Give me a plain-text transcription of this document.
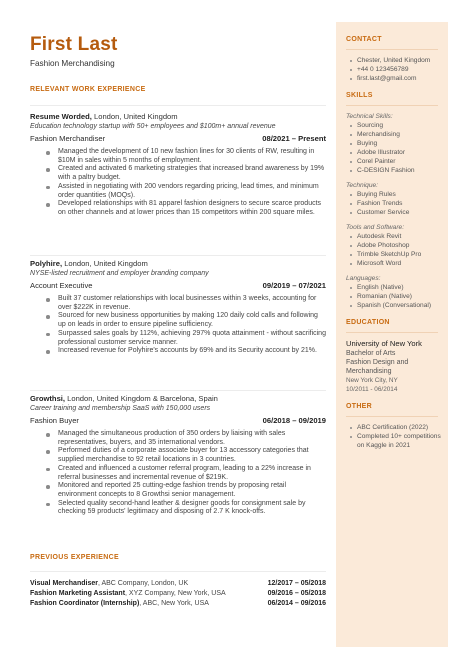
First Last
Fashion Merchandising
RELEVANT WORK EXPERIENCE
Resume Worded, London, United Kingdom
Education technology startup with 50+ employees and $100m+ annual revenue
Fashion Merchandiser	08/2021 – Present
Managed the development of 10 new fashion lines for 30 clients of RW, resulting in $10M in sales within 5 months of employment.
Created and activated 6 marketing strategies that increased brand awareness by 19% with a paltry budget.
Assisted in negotiating with 200 vendors regarding pricing, lead times, and minimum order quantities (MOQs).
Developed relationships with 81 apparel fashion designers to secure scarce products on other channels and at lower prices than 15 competitors within 200 square miles.
Polyhire, London, United Kingdom
NYSE-listed recruitment and employer branding company
Account Executive	09/2019 – 07/2021
Built 37 customer relationships with local businesses within 3 weeks, accounting for over $222K in revenue.
Sourced for new business opportunities by making 120 daily cold calls and following up on leads in order to ensure pipeline sufficiency.
Surpassed sales goals by 112%, achieving 297% quota attainment - without sacrificing professional customer service manner.
Increased revenue for Polyhire's accounts by 69% and its Security account by 21%.
Growthsi, London, United Kingdom & Barcelona, Spain
Career training and membership SaaS with 150,000 users
Fashion Buyer	06/2018 – 09/2019
Managed the simultaneous production of 350 orders by liaising with sales representatives, buyers, and 35 international vendors.
Performed duties of a corporate associate buyer for 13 accessory categories that supplied merchandise to 92 retail locations in 3 countries.
Created and influenced a customer referral program, leading to a 22% increase in referral businesses and incremental revenue of $219K.
Monitored and reported 25 cutting-edge fashion trends by proposing retail environment concepts to 8 Growthsi senior management.
Selected quality second-hand leather & designer goods for consignment sale by checking 59 products' legitimacy and disposing of 2.7 K knock-offs.
PREVIOUS EXPERIENCE
Visual Merchandiser, ABC Company, London, UK	12/2017 – 05/2018
Fashion Marketing Assistant, XYZ Company, New York, USA	09/2016 – 05/2018
Fashion Coordinator (Internship), ABC, New York, USA	06/2014 – 09/2016
CONTACT
Chester, United Kingdom
+44 0 123456789
first.last@gmail.com
SKILLS
Technical Skills:
Sourcing
Merchandising
Buying
Adobe Illustrator
Corel Painter
C-DESIGN Fashion
Technique:
Buying Rules
Fashion Trends
Customer Service
Tools and Software:
Autodesk Revit
Adobe Photoshop
Trimble SketchUp Pro
Microsoft Word
Languages:
English (Native)
Romanian (Native)
Spanish (Conversational)
EDUCATION
University of New York
Bachelor of Arts
Fashion Design and
Merchandising
New York City, NY
10/2011 - 06/2014
OTHER
ABC Certification (2022)
Completed 10+ competitions on Kaggle in 2021
